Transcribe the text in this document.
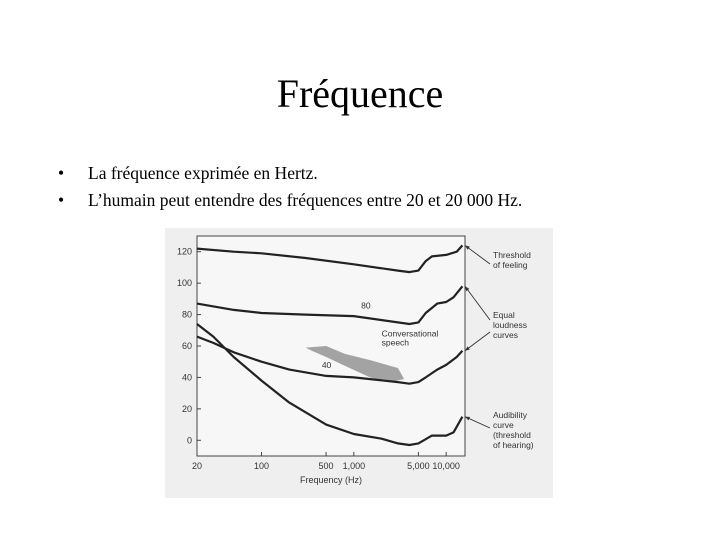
Fréquence
• La fréquence exprimée en Hertz.
• L’humain peut entendre des fréquences entre 20 et 20 000 Hz.
0
20
40
60
80
100
120
20	100	500 1,000	5,000 10,000
Frequency (Hz)
80
40
Conversational speech
Threshold of feeling
Equal loudness curves
Audibility curve (threshold of hearing)
